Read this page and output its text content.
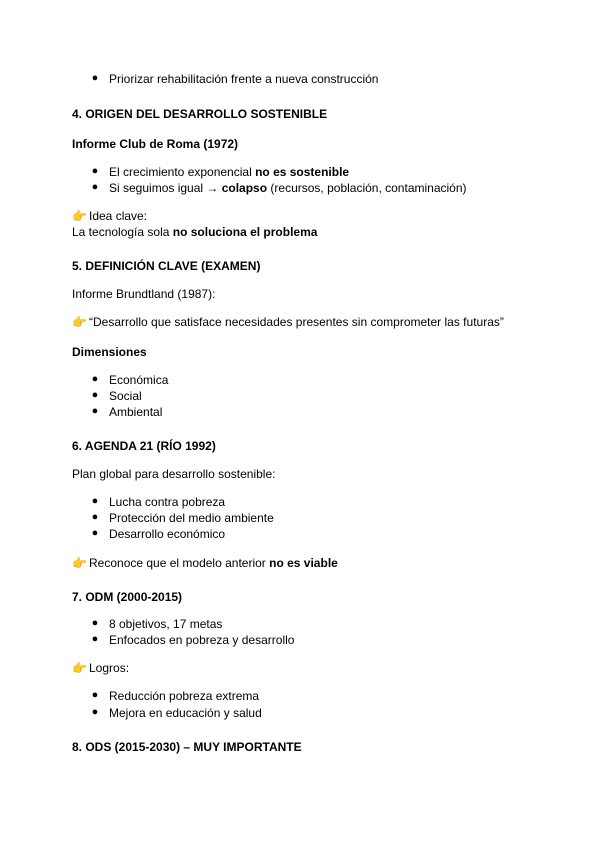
● Priorizar rehabilitación frente a nueva construcción
4. ORIGEN DEL DESARROLLO SOSTENIBLE
Informe Club de Roma (1972)
● El crecimiento exponencial no es sostenible
● Si seguimos igual → colapso (recursos, población, contaminación)
👉 Idea clave:
La tecnología sola no soluciona el problema
5. DEFINICIÓN CLAVE (EXAMEN)
Informe Brundtland (1987):
👉 “Desarrollo que satisface necesidades presentes sin comprometer las futuras”
Dimensiones
● Económica
● Social
● Ambiental
6. AGENDA 21 (RÍO 1992)
Plan global para desarrollo sostenible:
● Lucha contra pobreza
● Protección del medio ambiente
● Desarrollo económico
👉 Reconoce que el modelo anterior no es viable
7. ODM (2000-2015)
● 8 objetivos, 17 metas
● Enfocados en pobreza y desarrollo
👉 Logros:
● Reducción pobreza extrema
● Mejora en educación y salud
8. ODS (2015-2030) – MUY IMPORTANTE
